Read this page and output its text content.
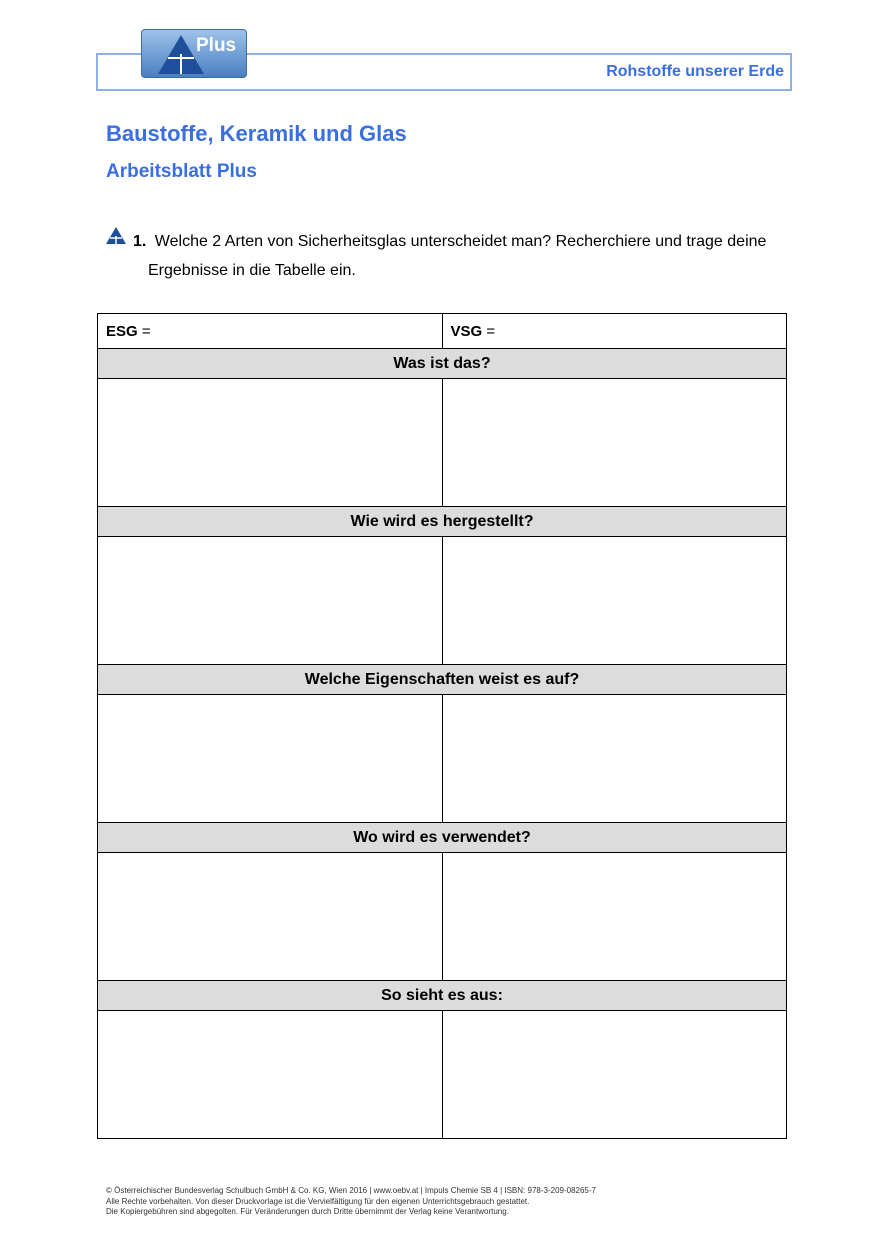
Plus
Rohstoffe unserer Erde
Baustoffe, Keramik und Glas
Arbeitsblatt Plus
1. Welche 2 Arten von Sicherheitsglas unterscheidet man? Recherchiere und trage deine
Ergebnisse in die Tabelle ein.
ESG =	VSG =
Was ist das?	

Wie wird es hergestellt?	

Welche Eigenschaften weist es auf?	

Wo wird es verwendet?	

So sieht es aus:	

© Österreichischer Bundesverlag Schulbuch GmbH & Co. KG, Wien 2016 | www.oebv.at | Impuls Chemie SB 4 | ISBN: 978-3-209-08265-7
Alle Rechte vorbehalten. Von dieser Druckvorlage ist die Vervielfältigung für den eigenen Unterrichtsgebrauch gestattet.
Die Kopiergebühren sind abgegolten. Für Veränderungen durch Dritte übernimmt der Verlag keine Verantwortung.
